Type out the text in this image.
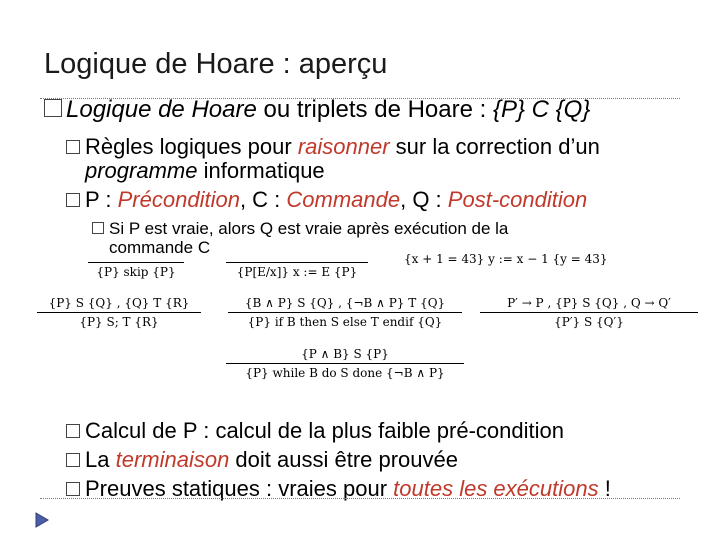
Logique de Hoare : aperçu
Logique de Hoare ou triplets de Hoare : {P} C {Q}
Règles logiques pour raisonner sur la correction d’un
programme informatique
P : Précondition, C : Commande, Q : Post-condition
Si P est vraie, alors Q est vraie après exécution de la
commande C

{P} skip {P}
	{P[E/x]} x := E {P}
{x + 1 = 43} y := x − 1 {y = 43}
{P} S {Q} , {Q} T {R}
{P} S; T {R}
{B ∧ P} S {Q} , {¬B ∧ P} T {Q}
{P} if B then S else T endif {Q}
P′ → P , {P} S {Q} , Q → Q′
{P′} S {Q′}
{P ∧ B} S {P}
{P} while B do S done {¬B ∧ P}
Calcul de P : calcul de la plus faible pré-condition
La terminaison doit aussi être prouvée
Preuves statiques : vraies pour toutes les exécutions !
